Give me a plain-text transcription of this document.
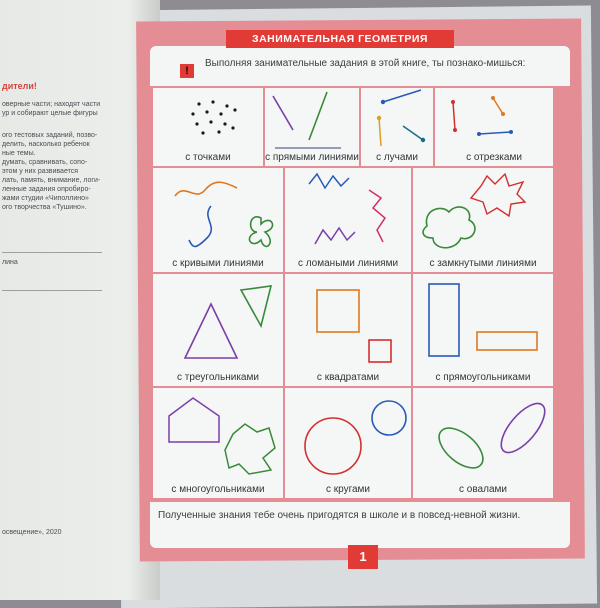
дители!
оверные части; находят части
ур и собирают целые фигуры
ого тестовых заданий, позво-
делить, насколько ребенок
ные темы.
думать, сравнивать, сопо-
этом у них развивается
лать, память, внимание, логи-
ленные задания опробиро-
жами студии «Чиполлино»
ого творчества «Тушино».
лина
освещение», 2020
ЗАНИМАТЕЛЬНАЯ ГЕОМЕТРИЯ
!
Выполняя занимательные задания в этой книге, ты познако-мишься:
с точками	с прямыми линиями	с лучами	с отрезками
с кривыми линиями	с ломаными линиями	с замкнутыми линиями
с треугольниками	с квадратами	с прямоугольниками
с многоугольниками	с кругами	с овалами
Полученные знания тебе очень пригодятся в школе и в повсед-невной жизни.
1
